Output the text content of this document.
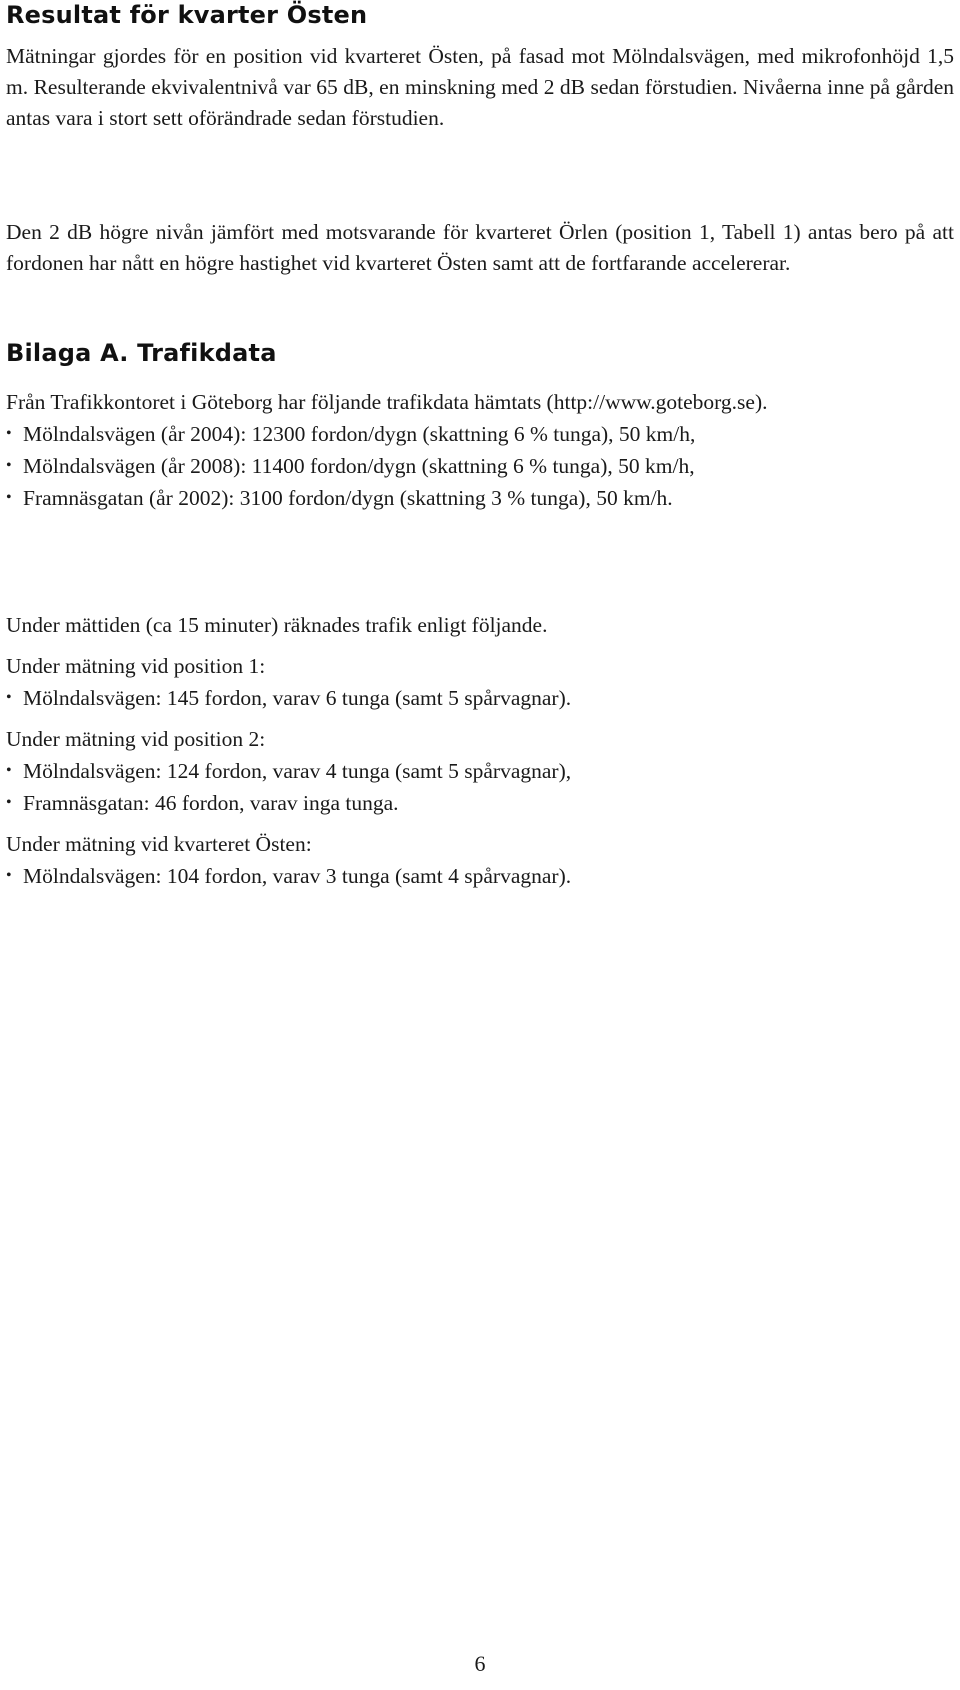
Resultat för kvarter Östen

Mätningar gjordes för en position vid kvarteret Östen, på fasad mot Mölndalsvägen, med mikrofonhöjd 1,5 m. Resulterande ekvivalentnivå var 65 dB, en minskning med 2 dB sedan förstudien. Nivåerna inne på gården antas vara i stort sett oförändrade sedan förstudien.

Den 2 dB högre nivån jämfört med motsvarande för kvarteret Örlen (position 1, Tabell 1) antas bero på att fordonen har nått en högre hastighet vid kvarteret Östen samt att de fortfarande accelererar.

Bilaga A. Trafikdata

Från Trafikkontoret i Göteborg har följande trafikdata hämtats (http://www.goteborg.se).

• Mölndalsvägen (år 2004): 12300 fordon/dygn (skattning 6 % tunga), 50 km/h,
• Mölndalsvägen (år 2008): 11400 fordon/dygn (skattning 6 % tunga), 50 km/h,
• Framnäsgatan (år 2002): 3100 fordon/dygn (skattning 3 % tunga), 50 km/h.

Under mättiden (ca 15 minuter) räknades trafik enligt följande.

Under mätning vid position 1:

• Mölndalsvägen: 145 fordon, varav 6 tunga (samt 5 spårvagnar).

Under mätning vid position 2:

• Mölndalsvägen: 124 fordon, varav 4 tunga (samt 5 spårvagnar),
• Framnäsgatan: 46 fordon, varav inga tunga.

Under mätning vid kvarteret Östen:

• Mölndalsvägen: 104 fordon, varav 3 tunga (samt 4 spårvagnar).
6
